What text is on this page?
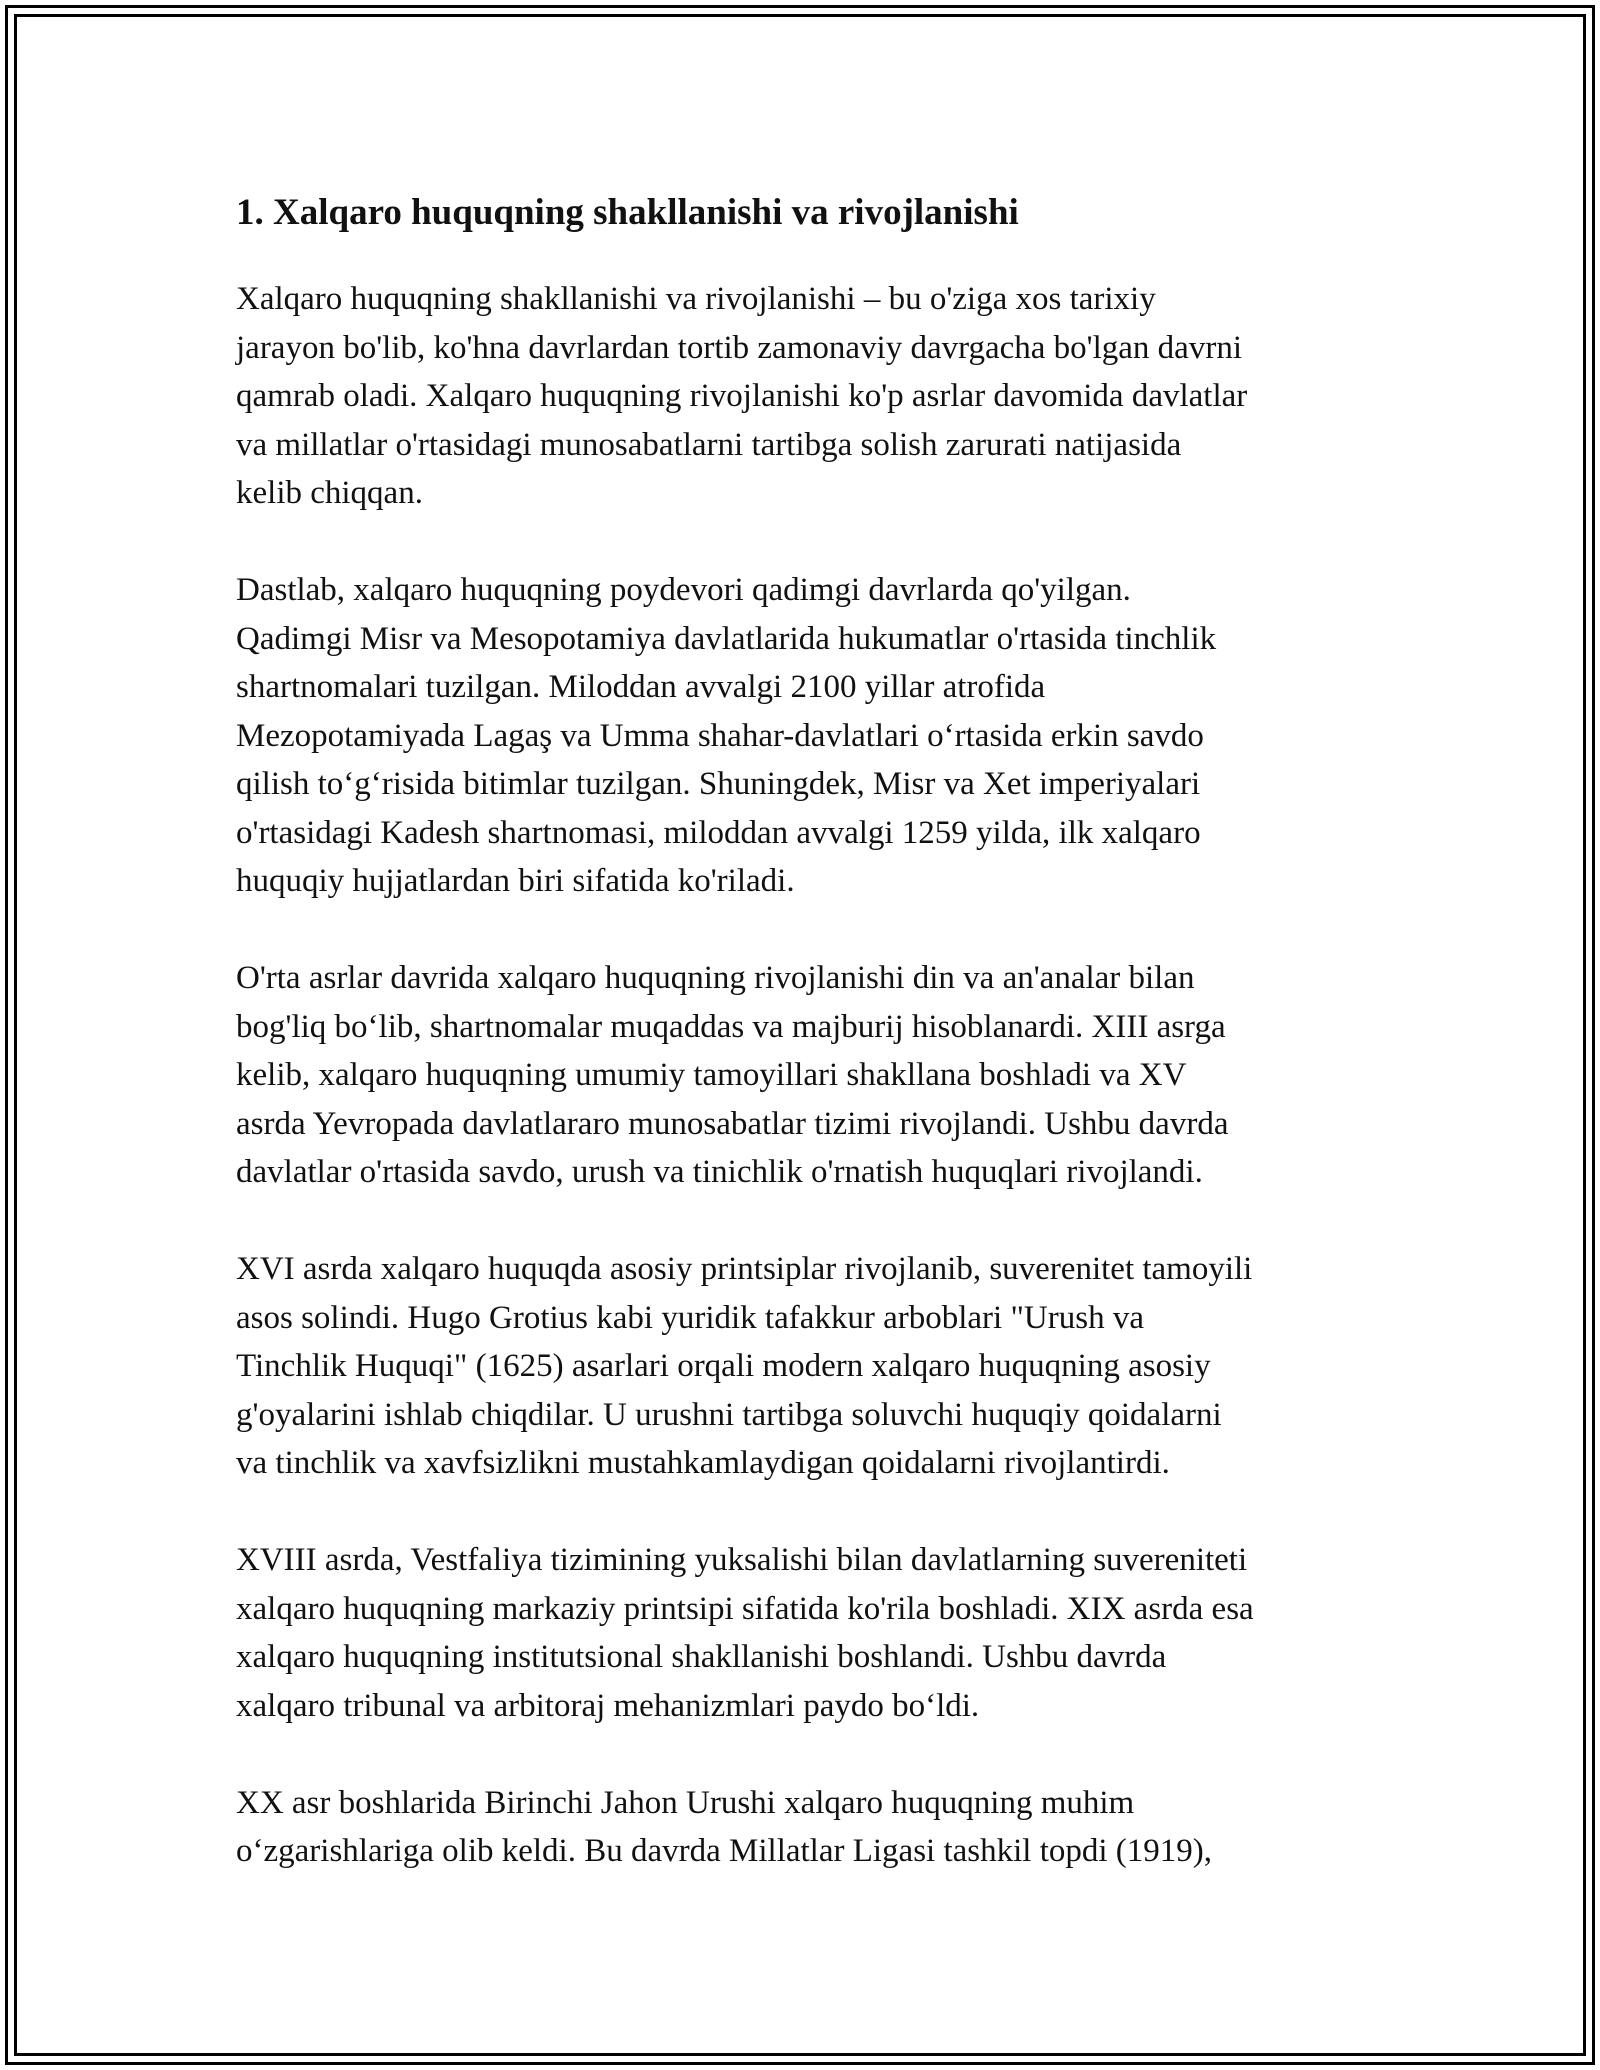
1. Xalqaro huquqning shakllanishi va rivojlanishi

Xalqaro huquqning shakllanishi va rivojlanishi – bu o'ziga xos tarixiy
jarayon bo'lib, ko'hna davrlardan tortib zamonaviy davrgacha bo'lgan davrni
qamrab oladi. Xalqaro huquqning rivojlanishi ko'p asrlar davomida davlatlar
va millatlar o'rtasidagi munosabatlarni tartibga solish zarurati natijasida
kelib chiqqan.

Dastlab, xalqaro huquqning poydevori qadimgi davrlarda qo'yilgan.
Qadimgi Misr va Mesopotamiya davlatlarida hukumatlar o'rtasida tinchlik
shartnomalari tuzilgan. Miloddan avvalgi 2100 yillar atrofida
Mezopotamiyada Lagaş va Umma shahar-davlatlari oʻrtasida erkin savdo
qilish toʻgʻrisida bitimlar tuzilgan. Shuningdek, Misr va Xet imperiyalari
o'rtasidagi Kadesh shartnomasi, miloddan avvalgi 1259 yilda, ilk xalqaro
huquqiy hujjatlardan biri sifatida ko'riladi.

O'rta asrlar davrida xalqaro huquqning rivojlanishi din va an'analar bilan
bog'liq boʻlib, shartnomalar muqaddas va majburij hisoblanardi. XIII asrga
kelib, xalqaro huquqning umumiy tamoyillari shakllana boshladi va XV
asrda Yevropada davlatlararo munosabatlar tizimi rivojlandi. Ushbu davrda
davlatlar o'rtasida savdo, urush va tinichlik o'rnatish huquqlari rivojlandi.

XVI asrda xalqaro huquqda asosiy printsiplar rivojlanib, suverenitet tamoyili
asos solindi. Hugo Grotius kabi yuridik tafakkur arboblari "Urush va
Tinchlik Huquqi" (1625) asarlari orqali modern xalqaro huquqning asosiy
g'oyalarini ishlab chiqdilar. U urushni tartibga soluvchi huquqiy qoidalarni
va tinchlik va xavfsizlikni mustahkamlaydigan qoidalarni rivojlantirdi.

XVIII asrda, Vestfaliya tizimining yuksalishi bilan davlatlarning suvereniteti
xalqaro huquqning markaziy printsipi sifatida ko'rila boshladi. XIX asrda esa
xalqaro huquqning institutsional shakllanishi boshlandi. Ushbu davrda
xalqaro tribunal va arbitoraj mehanizmlari paydo boʻldi.

XX asr boshlarida Birinchi Jahon Urushi xalqaro huquqning muhim
oʻzgarishlariga olib keldi. Bu davrda Millatlar Ligasi tashkil topdi (1919),
